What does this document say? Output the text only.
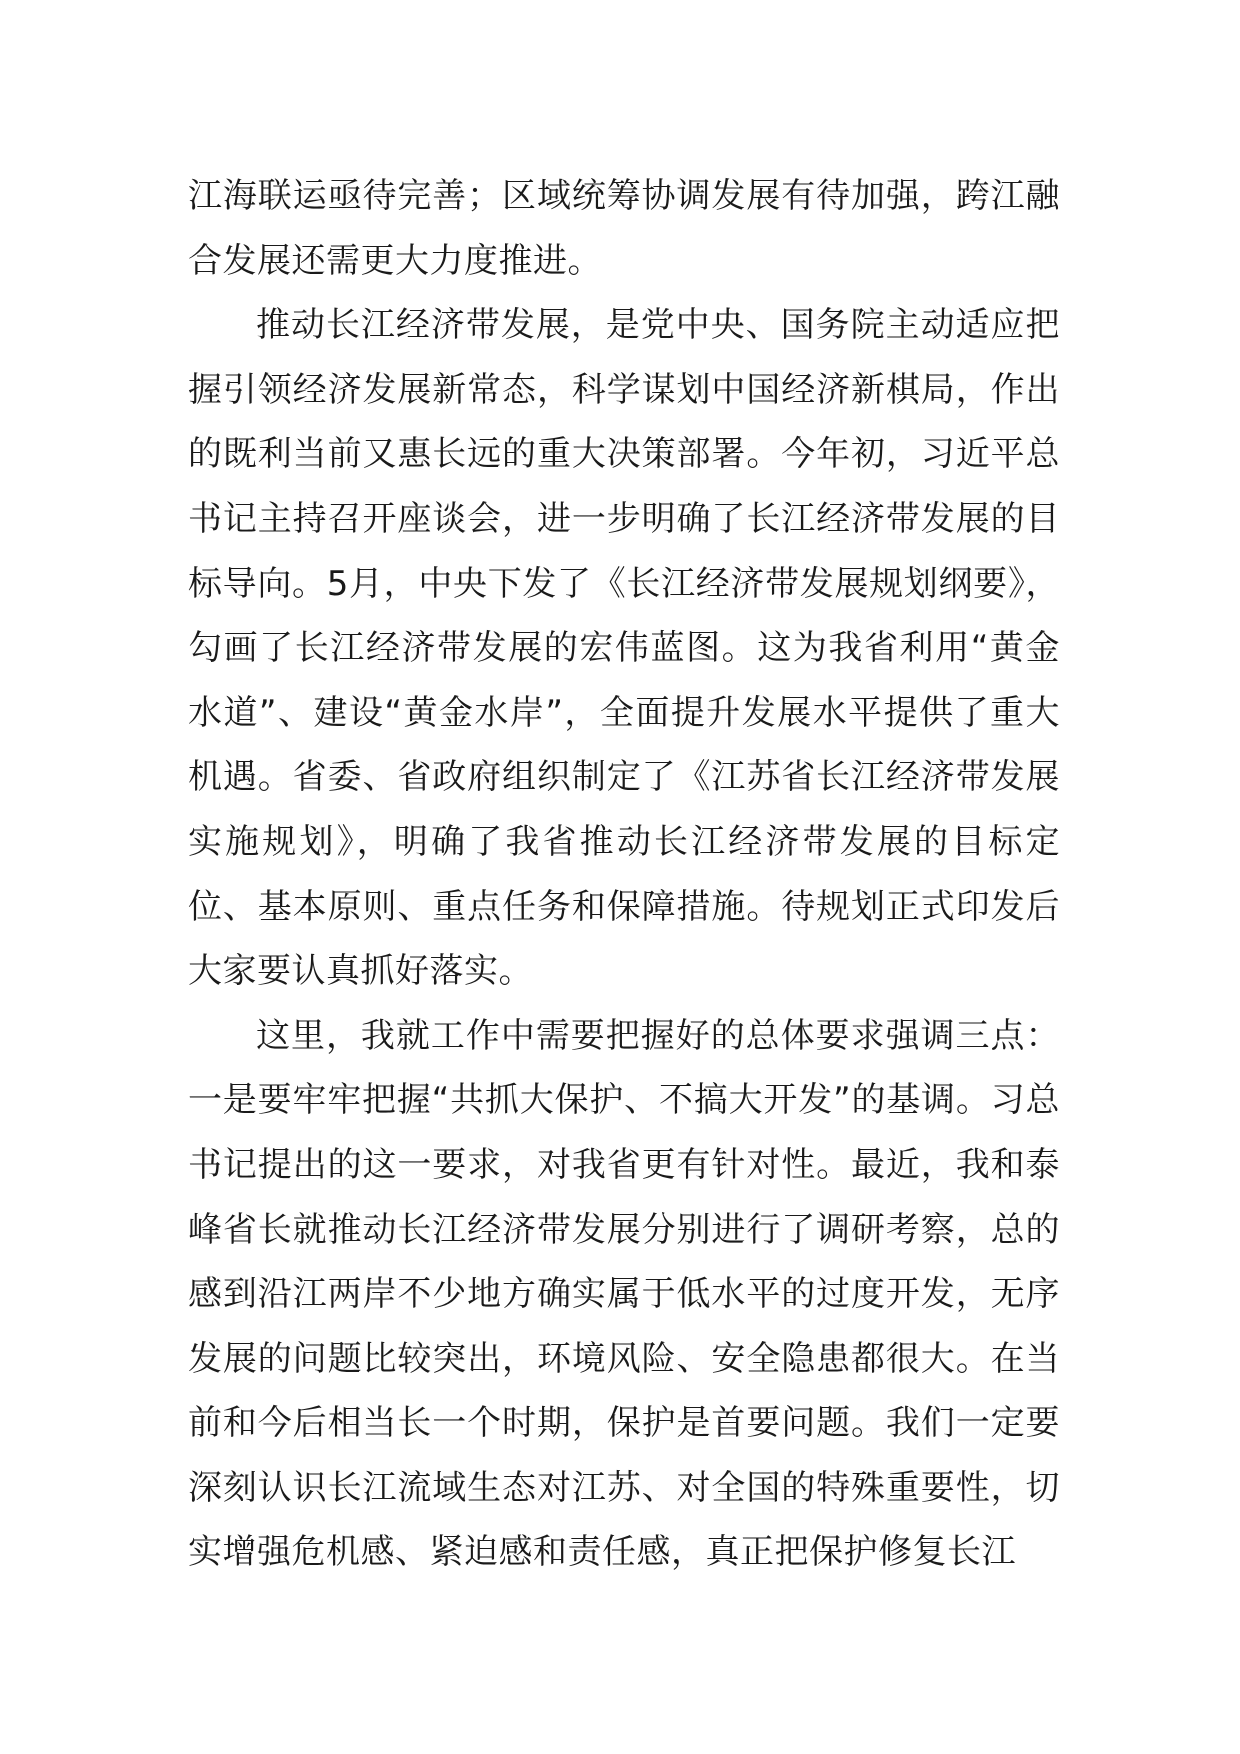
江海联运亟待完善；区域统筹协调发展有待加强，跨江融合发展还需更大力度推进。

推动长江经济带发展，是党中央、国务院主动适应把握引领经济发展新常态，科学谋划中国经济新棋局，作出的既利当前又惠长远的重大决策部署。今年初，习近平总书记主持召开座谈会，进一步明确了长江经济带发展的目标导向。5月，中央下发了《长江经济带发展规划纲要》，勾画了长江经济带发展的宏伟蓝图。这为我省利用“黄金水道”、建设“黄金水岸”，全面提升发展水平提供了重大机遇。省委、省政府组织制定了《江苏省长江经济带发展实施规划》，明确了我省推动长江经济带发展的目标定位、基本原则、重点任务和保障措施。待规划正式印发后大家要认真抓好落实。

这里，我就工作中需要把握好的总体要求强调三点：一是要牢牢把握“共抓大保护、不搞大开发”的基调。习总书记提出的这一要求，对我省更有针对性。最近，我和泰峰省长就推动长江经济带发展分别进行了调研考察，总的感到沿江两岸不少地方确实属于低水平的过度开发，无序发展的问题比较突出，环境风险、安全隐患都很大。在当前和今后相当长一个时期，保护是首要问题。我们一定要深刻认识长江流域生态对江苏、对全国的特殊重要性，切实增强危机感、紧迫感和责任感，真正把保护修复长江
